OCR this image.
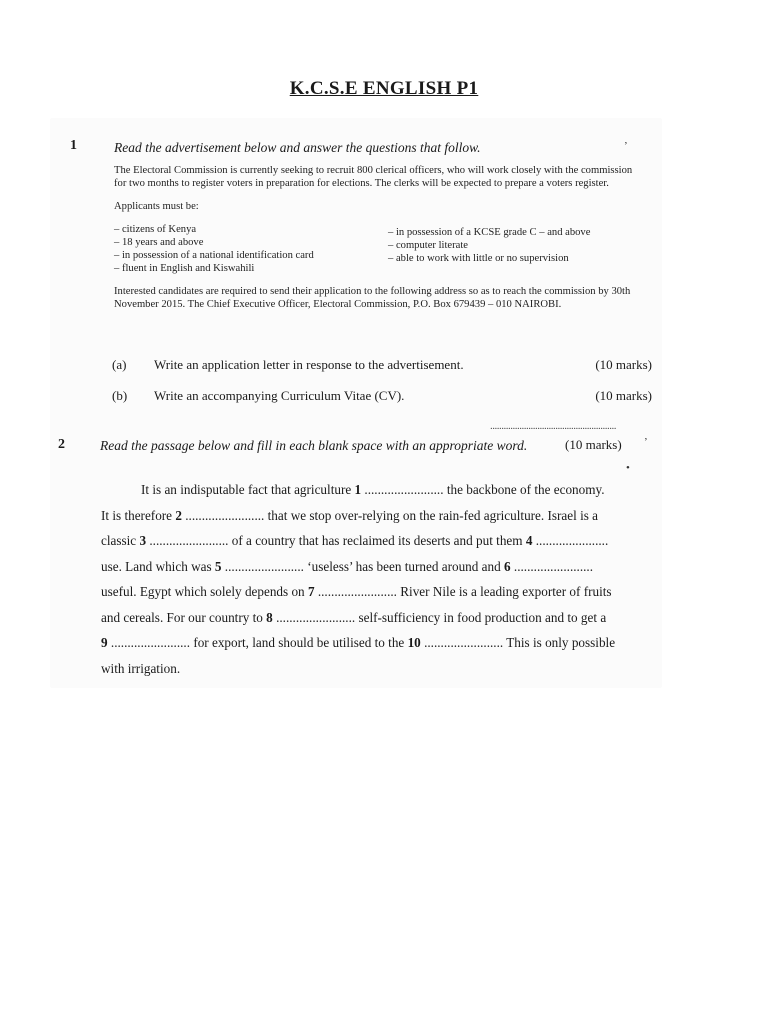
K.C.S.E ENGLISH P1
1	Read the advertisement below and answer the questions that follow.	’

The Electoral Commission is currently seeking to recruit 800 clerical officers, who will work closely with the commission for two months to register voters in preparation for elections. The clerks will be expected to prepare a voters register.

Applicants must be:

– citizens of Kenya
– 18 years and above
– in possession of a national identification card
– fluent in English and Kiswahili
– in possession of a KCSE grade C – and above
– computer literate
– able to work with little or no supervision

Interested candidates are required to send their application to the following address so as to reach the commission by 30th November 2015. The Chief Executive Officer, Electoral Commission, P.O. Box 679439 – 010 NAIROBI.

(a)	Write an application letter in response to the advertisement.	(10 marks)
(b)	Write an accompanying Curriculum Vitae (CV).	(10 marks)
........................................................
2	Read the passage below and fill in each blank space with an appropriate word.	(10 marks) ’
•
It is an indisputable fact that agriculture 1 ........................ the backbone of the economy.
It is therefore 2 ........................ that we stop over-relying on the rain-fed agriculture. Israel is a
classic 3 ........................ of a country that has reclaimed its deserts and put them 4 ......................
use. Land which was 5 ........................ ‘useless’ has been turned around and 6 ........................
useful. Egypt which solely depends on 7 ........................ River Nile is a leading exporter of fruits
and cereals. For our country to 8 ........................ self-sufficiency in food production and to get a
9 ........................ for export, land should be utilised to the 10 ........................ This is only possible
with irrigation.
